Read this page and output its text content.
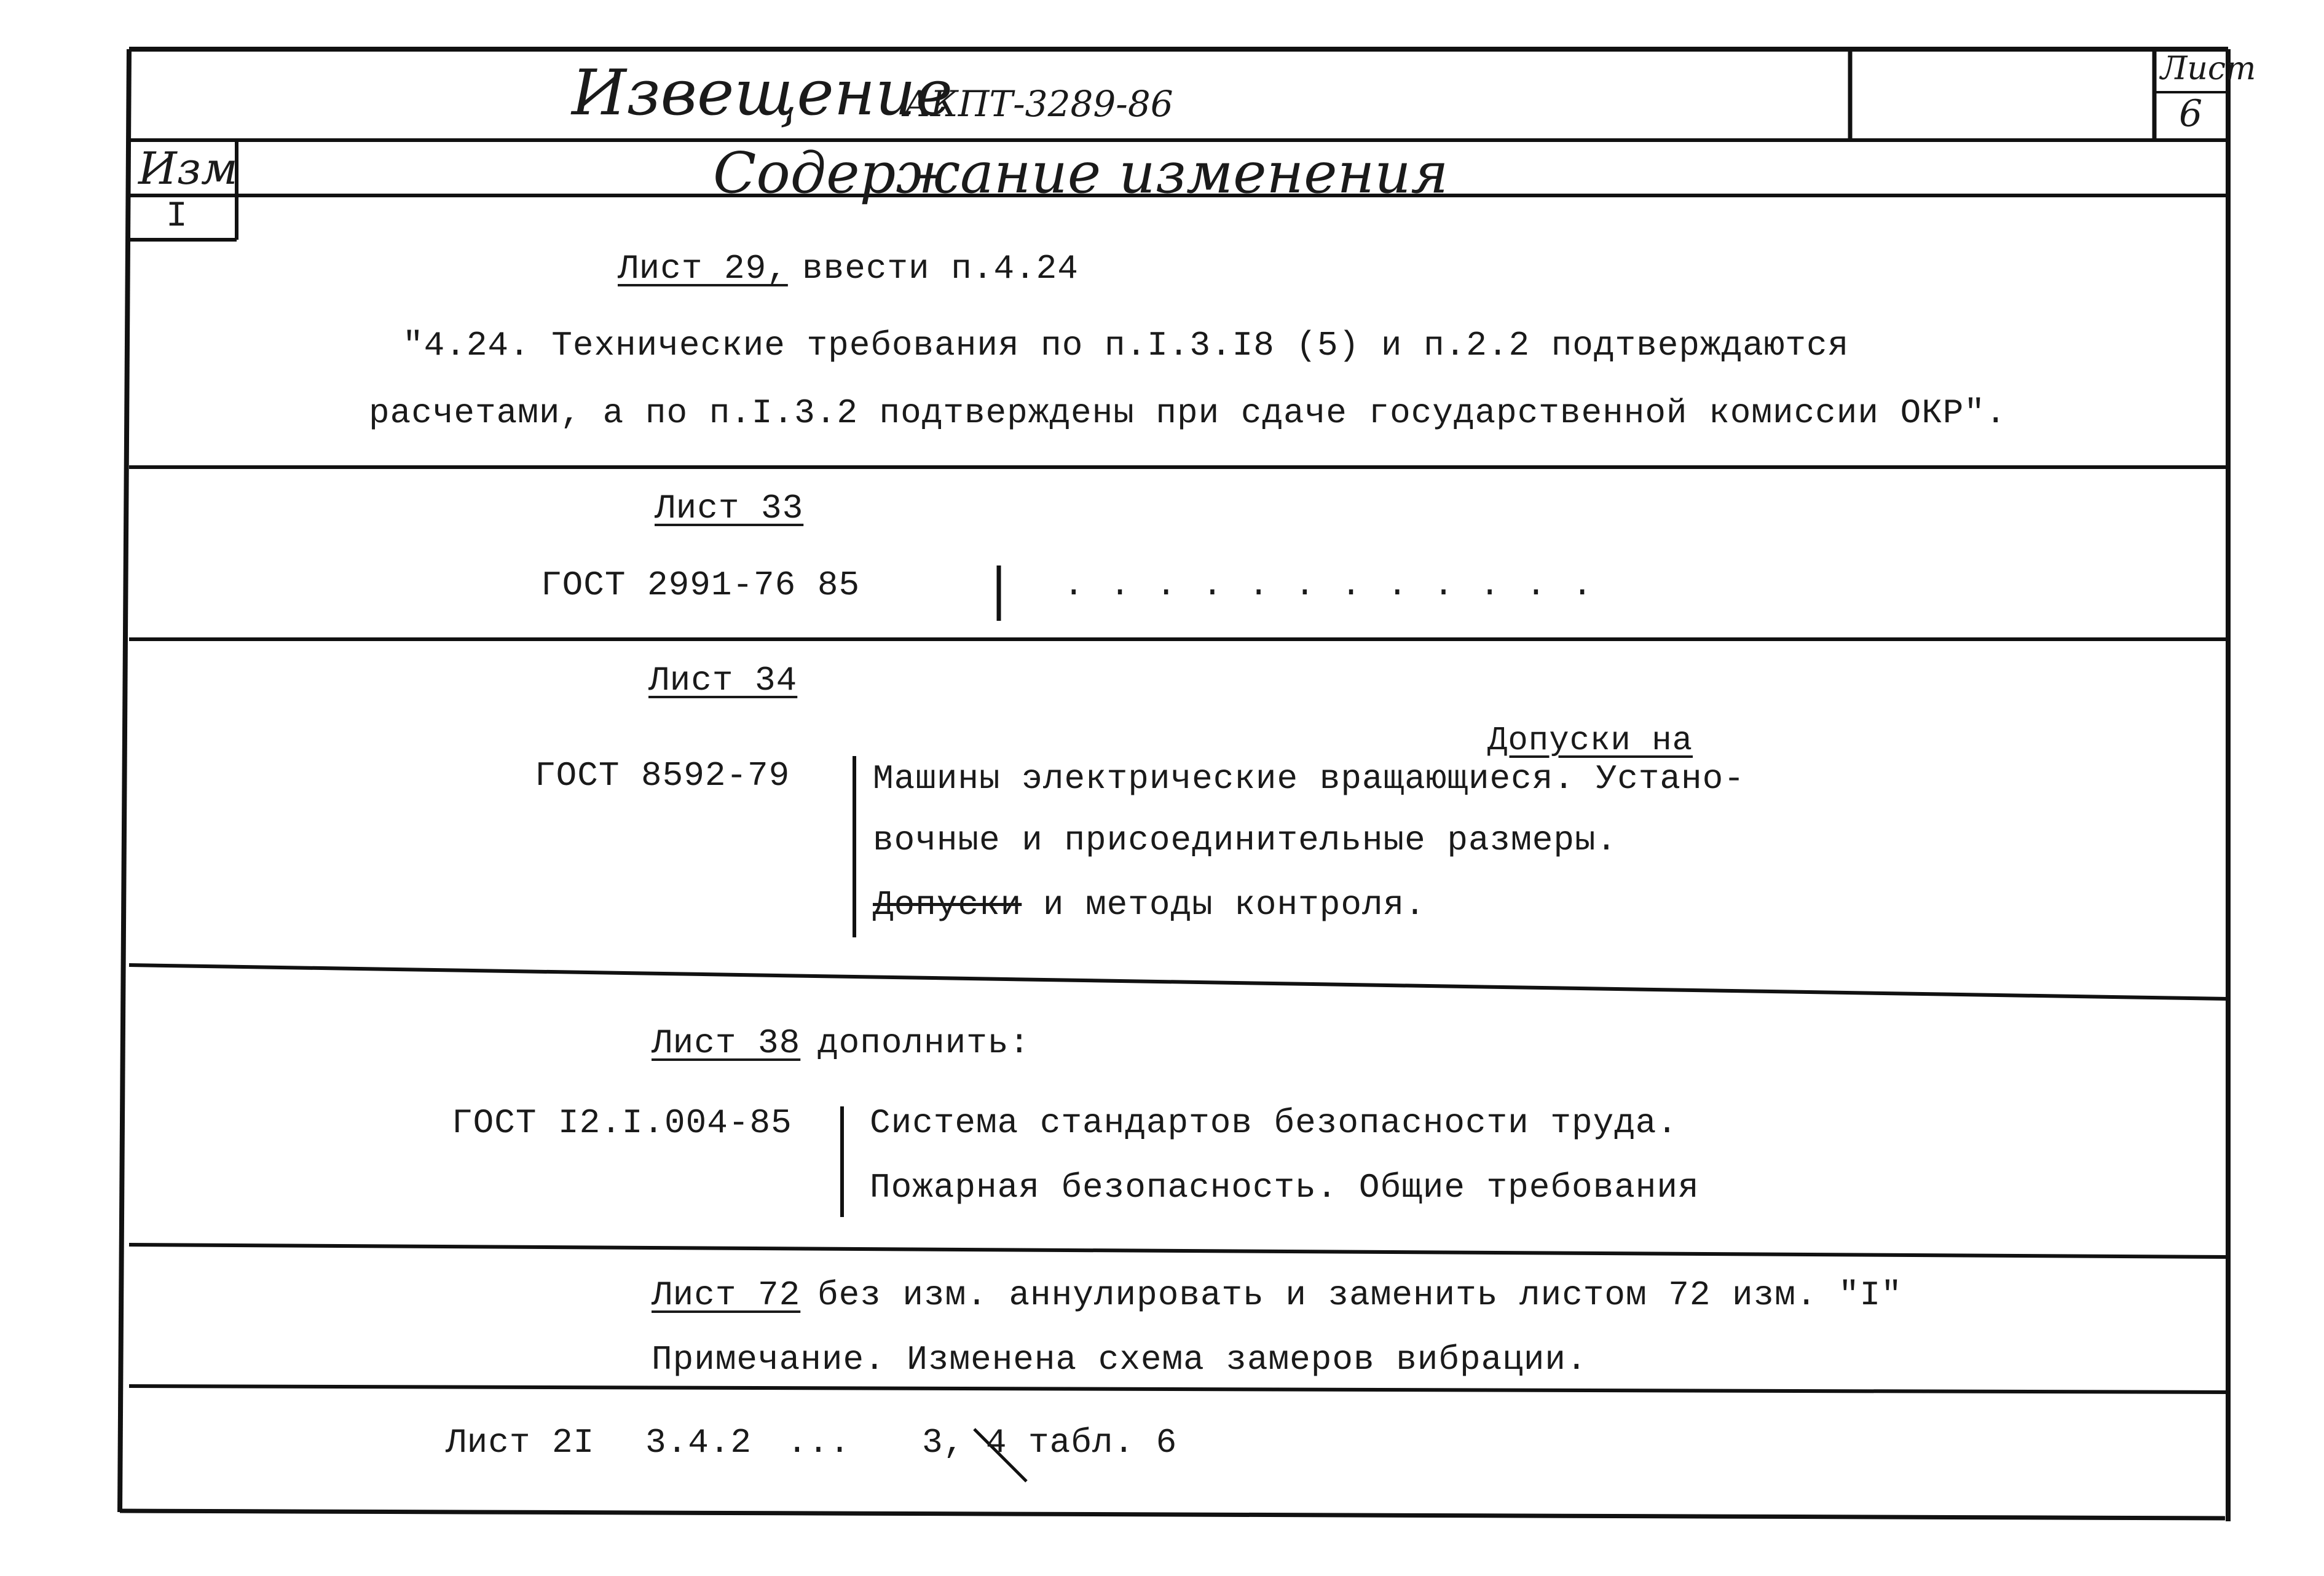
Извещение
АКПТ-3289-86
Лист
6
Изм
I
Содержание изменения
Лист 29, ввести п.4.24
"4.24. Технические требования по п.I.3.I8 (5) и п.2.2 подтверждаются
расчетами, а по п.I.3.2 подтверждены при сдаче государственной комиссии ОКР".
Лист 33
ГОСТ 2991-76 85	. . . . . . . . . . . .
Лист 34
ГОСТ 8592-79
Допуски на
Машины электрические вращающиеся. Устано-
вочные и присоединительные размеры.
Допуски и методы контроля.
Лист 38 дополнить:
ГОСТ I2.I.004-85 Система стандартов безопасности труда.
Пожарная безопасность. Общие требования
Лист 72 без изм. аннулировать и заменить листом 72 изм. "I"
Примечание. Изменена схема замеров вибрации.
Лист 2I 3.4.2 ... 3, 4 табл. 6
